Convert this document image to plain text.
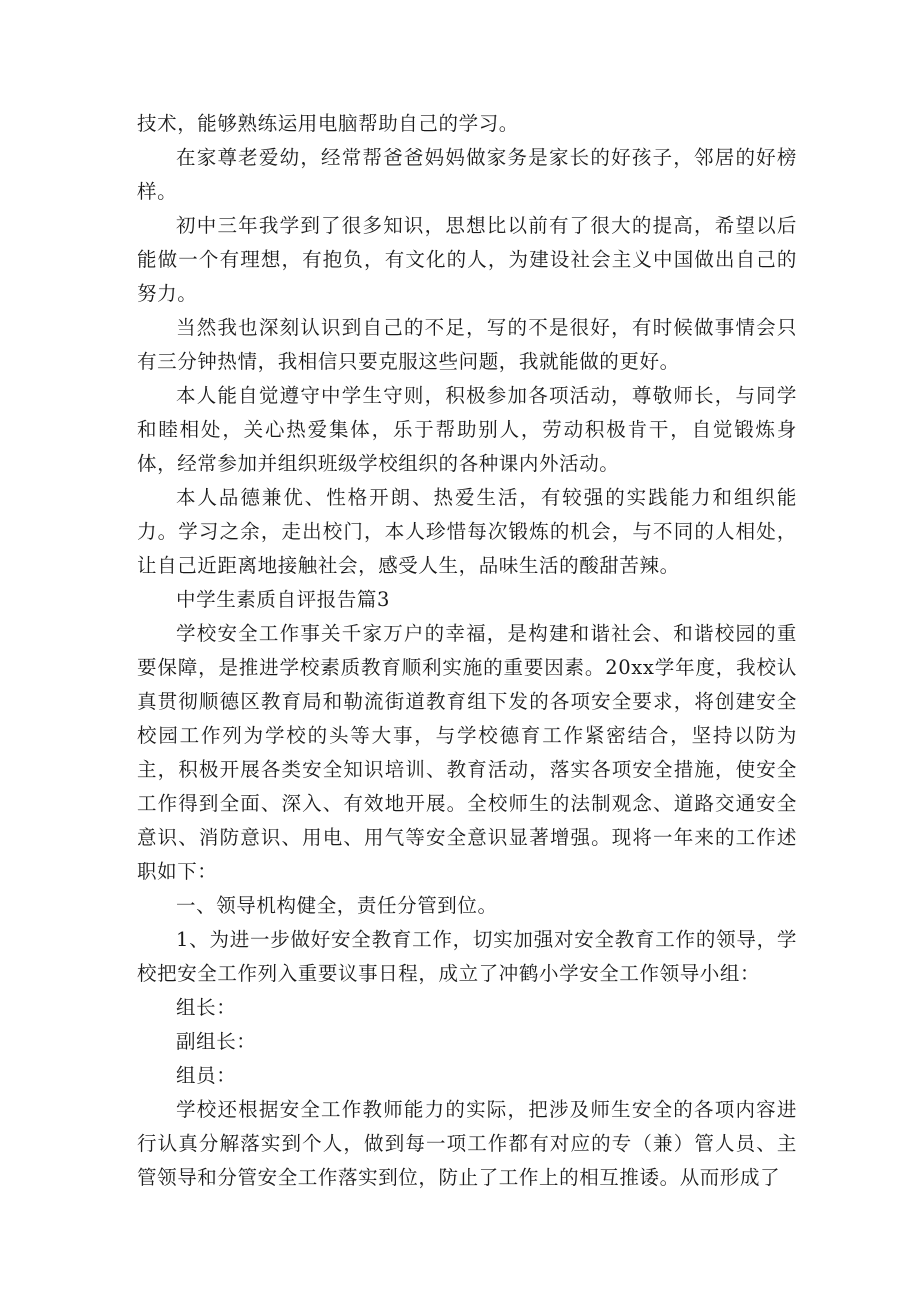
技术，能够熟练运用电脑帮助自己的学习。

在家尊老爱幼，经常帮爸爸妈妈做家务是家长的好孩子，邻居的好榜样。

初中三年我学到了很多知识，思想比以前有了很大的提高，希望以后能做一个有理想，有抱负，有文化的人，为建设社会主义中国做出自己的努力。

当然我也深刻认识到自己的不足，写的不是很好，有时候做事情会只有三分钟热情，我相信只要克服这些问题，我就能做的更好。

本人能自觉遵守中学生守则，积极参加各项活动，尊敬师长，与同学和睦相处，关心热爱集体，乐于帮助别人，劳动积极肯干，自觉锻炼身体，经常参加并组织班级学校组织的各种课内外活动。

本人品德兼优、性格开朗、热爱生活，有较强的实践能力和组织能力。学习之余，走出校门，本人珍惜每次锻炼的机会，与不同的人相处，让自己近距离地接触社会，感受人生，品味生活的酸甜苦辣。

中学生素质自评报告篇3

学校安全工作事关千家万户的幸福，是构建和谐社会、和谐校园的重要保障，是推进学校素质教育顺利实施的重要因素。20xx学年度，我校认真贯彻顺德区教育局和勒流街道教育组下发的各项安全要求，将创建安全校园工作列为学校的头等大事，与学校德育工作紧密结合，坚持以防为主，积极开展各类安全知识培训、教育活动，落实各项安全措施，使安全工作得到全面、深入、有效地开展。全校师生的法制观念、道路交通安全意识、消防意识、用电、用气等安全意识显著增强。现将一年来的工作述职如下：

一、领导机构健全，责任分管到位。

1、为进一步做好安全教育工作，切实加强对安全教育工作的领导，学校把安全工作列入重要议事日程，成立了冲鹤小学安全工作领导小组：

组长：

副组长：

组员：

学校还根据安全工作教师能力的实际，把涉及师生安全的各项内容进行认真分解落实到个人，做到每一项工作都有对应的专（兼）管人员、主管领导和分管安全工作落实到位，防止了工作上的相互推诿。从而形成了
